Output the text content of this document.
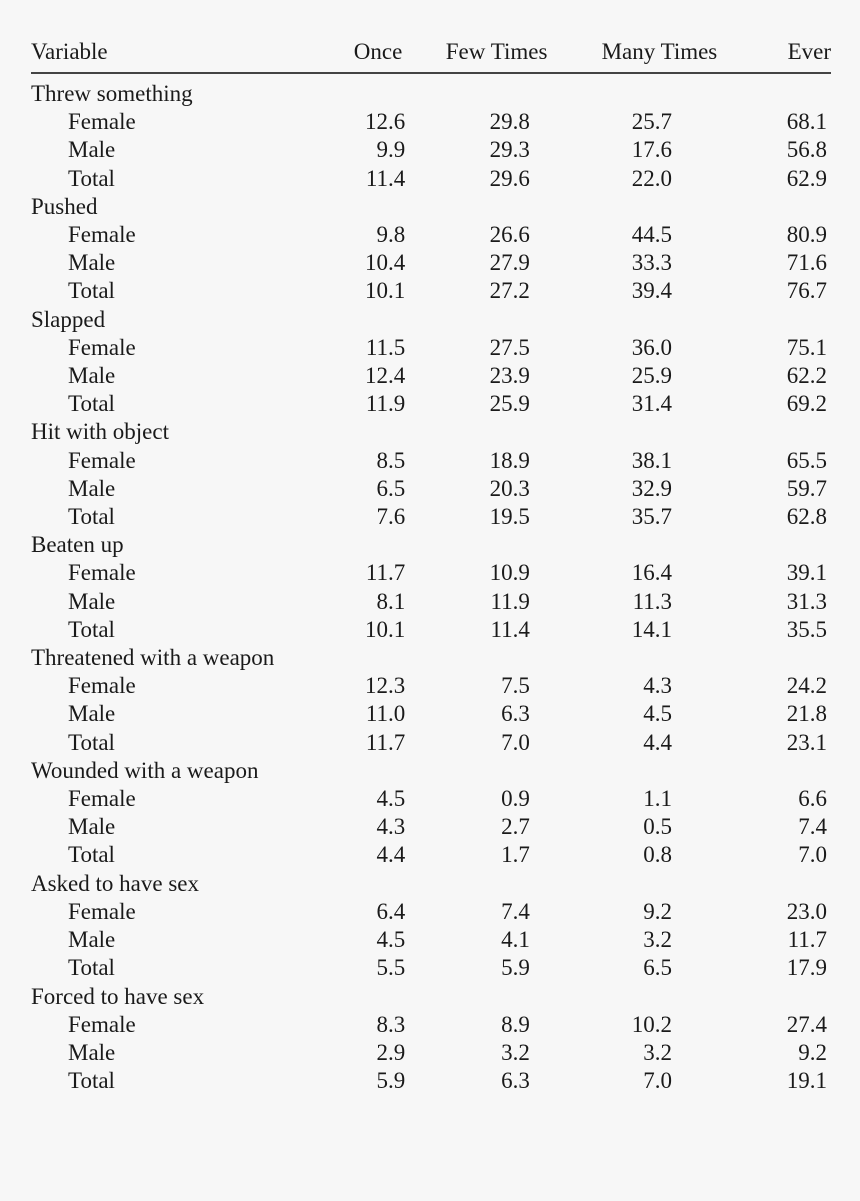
Variable	Once	Few Times	Many Times	Ever

Threw something				
Female	12.6	29.8	25.7	68.1
Male	9.9	29.3	17.6	56.8
Total	11.4	29.6	22.0	62.9
Pushed				
Female	9.8	26.6	44.5	80.9
Male	10.4	27.9	33.3	71.6
Total	10.1	27.2	39.4	76.7
Slapped				
Female	11.5	27.5	36.0	75.1
Male	12.4	23.9	25.9	62.2
Total	11.9	25.9	31.4	69.2
Hit with object				
Female	8.5	18.9	38.1	65.5
Male	6.5	20.3	32.9	59.7
Total	7.6	19.5	35.7	62.8
Beaten up				
Female	11.7	10.9	16.4	39.1
Male	8.1	11.9	11.3	31.3
Total	10.1	11.4	14.1	35.5
Threatened with a weapon				
Female	12.3	7.5	4.3	24.2
Male	11.0	6.3	4.5	21.8
Total	11.7	7.0	4.4	23.1
Wounded with a weapon				
Female	4.5	0.9	1.1	6.6
Male	4.3	2.7	0.5	7.4
Total	4.4	1.7	0.8	7.0
Asked to have sex				
Female	6.4	7.4	9.2	23.0
Male	4.5	4.1	3.2	11.7
Total	5.5	5.9	6.5	17.9
Forced to have sex				
Female	8.3	8.9	10.2	27.4
Male	2.9	3.2	3.2	9.2
Total	5.9	6.3	7.0	19.1
